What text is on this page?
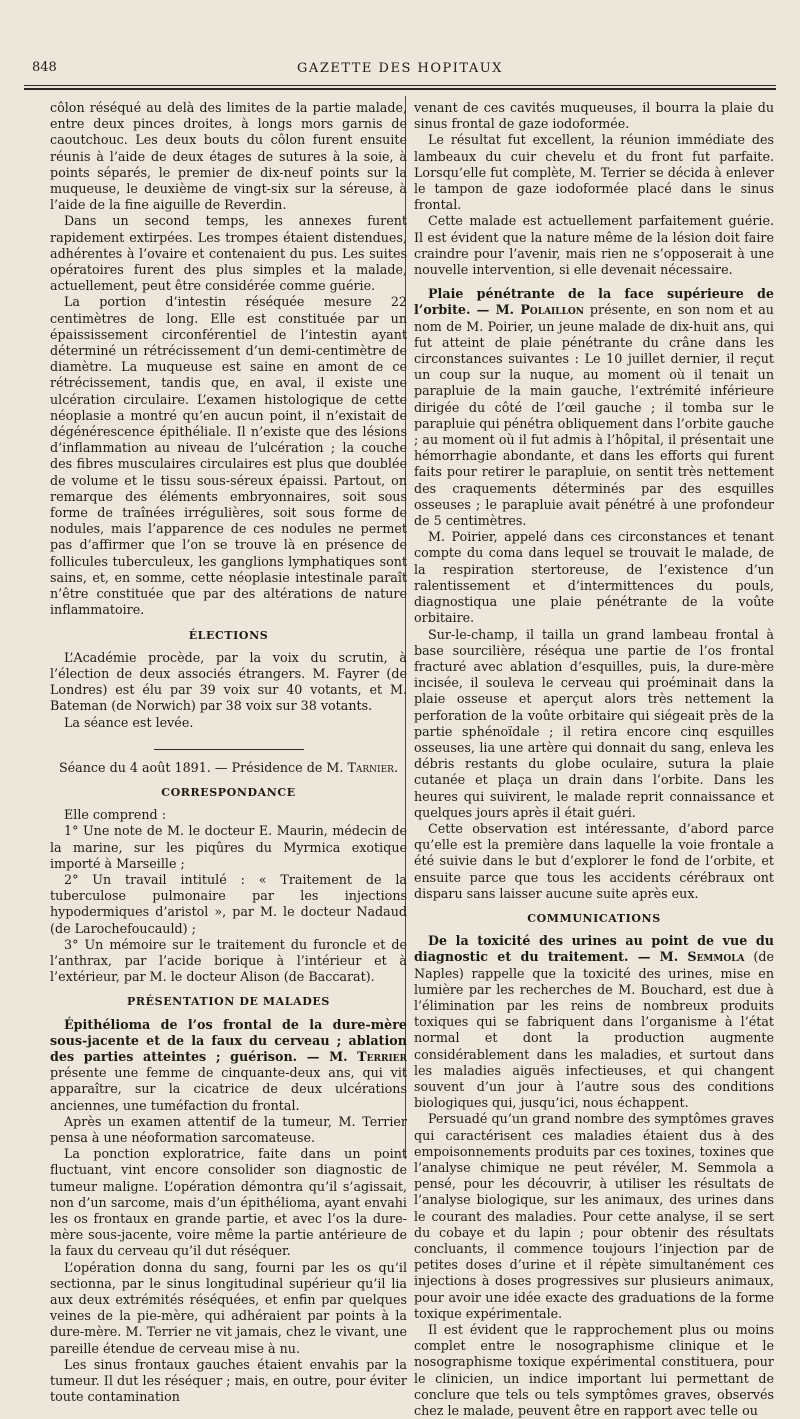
848	GAZETTE DES HOPITAUX

côlon réséqué au delà des limites de la partie malade, entre deux pinces droites, à longs mors garnis de caoutchouc. Les deux bouts du côlon furent ensuite réunis à l’aide de deux étages de sutures à la soie, à points séparés, le premier de dix-neuf points sur la muqueuse, le deuxième de vingt-six sur la séreuse, à l’aide de la fine aiguille de Reverdin.

Dans un second temps, les annexes furent rapidement extirpées. Les trompes étaient distendues, adhérentes à l’ovaire et contenaient du pus. Les suites opératoires furent des plus simples et la malade, actuellement, peut être considérée comme guérie.

La portion d’intestin réséquée mesure 22 centimètres de long. Elle est constituée par un épaississement circonférentiel de l’intestin ayant déterminé un rétrécissement d’un demi-centimètre de diamètre. La muqueuse est saine en amont de ce rétrécissement, tandis que, en aval, il existe une ulcération circulaire. L’examen histologique de cette néoplasie a montré qu’en aucun point, il n’existait de dégénérescence épithéliale. Il n’existe que des lésions d’inflammation au niveau de l’ulcération ; la couche des fibres musculaires circulaires est plus que doublée de volume et le tissu sous-séreux épaissi. Partout, on remarque des éléments embryonnaires, soit sous forme de traînées irrégulières, soit sous forme de nodules, mais l’apparence de ces nodules ne permet pas d’affirmer que l’on se trouve là en présence de follicules tuberculeux, les ganglions lymphatiques sont sains, et, en somme, cette néoplasie intestinale paraît n’être constituée que par des altérations de nature inflammatoire.

ÉLECTIONS

L’Académie procède, par la voix du scrutin, à l’élection de deux associés étrangers. M. Fayrer (de Londres) est élu par 39 voix sur 40 votants, et M. Bateman (de Norwich) par 38 voix sur 38 votants.

La séance est levée.

Séance du 4 août 1891. — Présidence de M. Tarnier.
CORRESPONDANCE

Elle comprend :

1° Une note de M. le docteur E. Maurin, médecin de la marine, sur les piqûres du Myrmica exotique importé à Marseille ;

2° Un travail intitulé : « Traitement de la tuberculose pulmonaire par les injections hypodermiques d’aristol », par M. le docteur Nadaud (de Larochefoucauld) ;

3° Un mémoire sur le traitement du furoncle et de l’anthrax, par l’acide borique à l’intérieur et à l’extérieur, par M. le docteur Alison (de Baccarat).

PRÉSENTATION DE MALADES

Épithélioma de l’os frontal de la dure-mère sous-jacente et de la faux du cerveau ; ablation des parties atteintes ; guérison. — M. Terrier présente une femme de cinquante-deux ans, qui vit apparaître, sur la cicatrice de deux ulcérations anciennes, une tuméfaction du frontal.

Après un examen attentif de la tumeur, M. Terrier pensa à une néoformation sarcomateuse.

La ponction exploratrice, faite dans un point fluctuant, vint encore consolider son diagnostic de tumeur maligne. L’opération démontra qu’il s’agissait, non d’un sarcome, mais d’un épithélioma, ayant envahi les os frontaux en grande partie, et avec l’os la dure-mère sous-jacente, voire même la partie antérieure de la faux du cerveau qu’il dut réséquer.

L’opération donna du sang, fourni par les os qu’il sectionna, par le sinus longitudinal supérieur qu’il lia aux deux extrémités réséquées, et enfin par quelques veines de la pie-mère, qui adhéraient par points à la dure-mère. M. Terrier ne vit jamais, chez le vivant, une pareille étendue de cerveau mise à nu.

Les sinus frontaux gauches étaient envahis par la tumeur. Il dut les réséquer ; mais, en outre, pour éviter toute contamination

venant de ces cavités muqueuses, il bourra la plaie du sinus frontal de gaze iodoformée.

Le résultat fut excellent, la réunion immédiate des lambeaux du cuir chevelu et du front fut parfaite. Lorsqu’elle fut complète, M. Terrier se décida à enlever le tampon de gaze iodoformée placé dans le sinus frontal.

Cette malade est actuellement parfaitement guérie. Il est évident que la nature même de la lésion doit faire craindre pour l’avenir, mais rien ne s’opposerait à une nouvelle intervention, si elle devenait nécessaire.

Plaie pénétrante de la face supérieure de l’orbite. — M. Polaillon présente, en son nom et au nom de M. Poirier, un jeune malade de dix-huit ans, qui fut atteint de plaie pénétrante du crâne dans les circonstances suivantes : Le 10 juillet dernier, il reçut un coup sur la nuque, au moment où il tenait un parapluie de la main gauche, l’extrémité inférieure dirigée du côté de l’œil gauche ; il tomba sur le parapluie qui pénétra obliquement dans l’orbite gauche ; au moment où il fut admis à l’hôpital, il présentait une hémorrhagie abondante, et dans les efforts qui furent faits pour retirer le parapluie, on sentit très nettement des craquements déterminés par des esquilles osseuses ; le parapluie avait pénétré à une profondeur de 5 centimètres.

M. Poirier, appelé dans ces circonstances et tenant compte du coma dans lequel se trouvait le malade, de la respiration stertoreuse, de l’existence d’un ralentissement et d’intermittences du pouls, diagnostiqua une plaie pénétrante de la voûte orbitaire.

Sur-le-champ, il tailla un grand lambeau frontal à base sourcilière, réséqua une partie de l’os frontal fracturé avec ablation d’esquilles, puis, la dure-mère incisée, il souleva le cerveau qui proéminait dans la plaie osseuse et aperçut alors très nettement la perforation de la voûte orbitaire qui siégeait près de la partie sphénoïdale ; il retira encore cinq esquilles osseuses, lia une artère qui donnait du sang, enleva les débris restants du globe oculaire, sutura la plaie cutanée et plaça un drain dans l’orbite. Dans les heures qui suivirent, le malade reprit connaissance et quelques jours après il était guéri.

Cette observation est intéressante, d’abord parce qu’elle est la première dans laquelle la voie frontale a été suivie dans le but d’explorer le fond de l’orbite, et ensuite parce que tous les accidents cérébraux ont disparu sans laisser aucune suite après eux.

COMMUNICATIONS

De la toxicité des urines au point de vue du diagnostic et du traitement. — M. Semmola (de Naples) rappelle que la toxicité des urines, mise en lumière par les recherches de M. Bouchard, est due à l’élimination par les reins de nombreux produits toxiques qui se fabriquent dans l’organisme à l’état normal et dont la production augmente considérablement dans les maladies, et surtout dans les maladies aiguës infectieuses, et qui changent souvent d’un jour à l’autre sous des conditions biologiques qui, jusqu’ici, nous échappent.

Persuadé qu’un grand nombre des symptômes graves qui caractérisent ces maladies étaient dus à des empoisonnements produits par ces toxines, toxines que l’analyse chimique ne peut révéler, M. Semmola a pensé, pour les découvrir, à utiliser les résultats de l’analyse biologique, sur les animaux, des urines dans le courant des maladies. Pour cette analyse, il se sert du cobaye et du lapin ; pour obtenir des résultats concluants, il commence toujours l’injection par de petites doses d’urine et il répète simultanément ces injections à doses progressives sur plusieurs animaux, pour avoir une idée exacte des graduations de la forme toxique expérimentale.

Il est évident que le rapprochement plus ou moins complet entre le nosographisme clinique et le nosographisme toxique expérimental constituera, pour le clinicien, un indice important lui permettant de conclure que tels ou tels symptômes graves, observés chez le malade, peuvent être en rapport avec telle ou
